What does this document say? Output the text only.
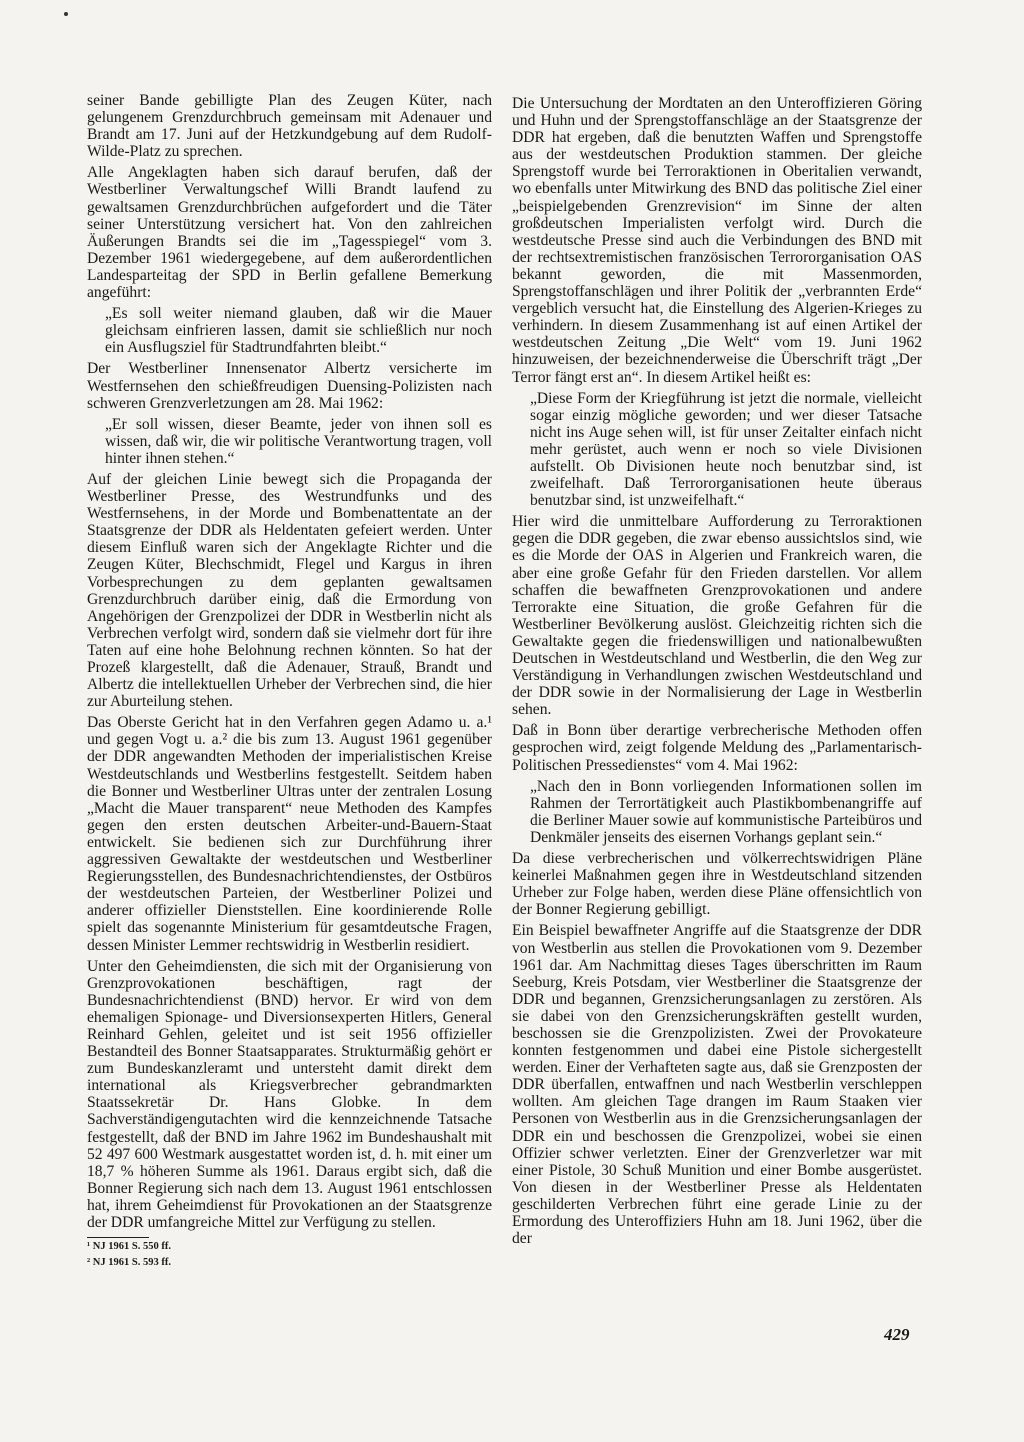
seiner Bande gebilligte Plan des Zeugen Küter, nach gelungenem Grenzdurchbruch gemeinsam mit Adenauer und Brandt am 17. Juni auf der Hetzkundgebung auf dem Rudolf-Wilde-Platz zu sprechen.

Alle Angeklagten haben sich darauf berufen, daß der Westberliner Verwaltungschef Willi Brandt laufend zu gewaltsamen Grenzdurchbrüchen aufgefordert und die Täter seiner Unterstützung versichert hat. Von den zahlreichen Äußerungen Brandts sei die im „Tagesspiegel“ vom 3. Dezember 1961 wiedergegebene, auf dem außerordentlichen Landesparteitag der SPD in Berlin gefallene Bemerkung angeführt:

„Es soll weiter niemand glauben, daß wir die Mauer gleichsam einfrieren lassen, damit sie schließlich nur noch ein Ausflugsziel für Stadtrundfahrten bleibt.“

Der Westberliner Innensenator Albertz versicherte im Westfernsehen den schießfreudigen Duensing-Polizisten nach schweren Grenzverletzungen am 28. Mai 1962:

„Er soll wissen, dieser Beamte, jeder von ihnen soll es wissen, daß wir, die wir politische Verantwortung tragen, voll hinter ihnen stehen.“

Auf der gleichen Linie bewegt sich die Propaganda der Westberliner Presse, des Westrundfunks und des Westfernsehens, in der Morde und Bombenattentate an der Staatsgrenze der DDR als Heldentaten gefeiert werden. Unter diesem Einfluß waren sich der Angeklagte Richter und die Zeugen Küter, Blechschmidt, Flegel und Kargus in ihren Vorbesprechungen zu dem geplanten gewaltsamen Grenzdurchbruch darüber einig, daß die Ermordung von Angehörigen der Grenzpolizei der DDR in Westberlin nicht als Verbrechen verfolgt wird, sondern daß sie vielmehr dort für ihre Taten auf eine hohe Belohnung rechnen könnten. So hat der Prozeß klargestellt, daß die Adenauer, Strauß, Brandt und Albertz die intellektuellen Urheber der Verbrechen sind, die hier zur Aburteilung stehen.

Das Oberste Gericht hat in den Verfahren gegen Adamo u. a.¹ und gegen Vogt u. a.² die bis zum 13. August 1961 gegenüber der DDR angewandten Methoden der imperialistischen Kreise Westdeutschlands und Westberlins festgestellt. Seitdem haben die Bonner und Westberliner Ultras unter der zentralen Losung „Macht die Mauer transparent“ neue Methoden des Kampfes gegen den ersten deutschen Arbeiter-und-Bauern-Staat entwickelt. Sie bedienen sich zur Durchführung ihrer aggressiven Gewaltakte der westdeutschen und Westberliner Regierungsstellen, des Bundesnachrichtendienstes, der Ostbüros der westdeutschen Parteien, der Westberliner Polizei und anderer offizieller Dienststellen. Eine koordinierende Rolle spielt das sogenannte Ministerium für gesamtdeutsche Fragen, dessen Minister Lemmer rechtswidrig in Westberlin residiert.

Unter den Geheimdiensten, die sich mit der Organisierung von Grenzprovokationen beschäftigen, ragt der Bundesnachrichtendienst (BND) hervor. Er wird von dem ehemaligen Spionage- und Diversionsexperten Hitlers, General Reinhard Gehlen, geleitet und ist seit 1956 offizieller Bestandteil des Bonner Staatsapparates. Strukturmäßig gehört er zum Bundeskanzleramt und untersteht damit direkt dem international als Kriegsverbrecher gebrandmarkten Staatssekretär Dr. Hans Globke. In dem Sachverständigengutachten wird die kennzeichnende Tatsache festgestellt, daß der BND im Jahre 1962 im Bundeshaushalt mit 52 497 600 Westmark ausgestattet worden ist, d. h. mit einer um 18,7 % höheren Summe als 1961. Daraus ergibt sich, daß die Bonner Regierung sich nach dem 13. August 1961 entschlossen hat, ihrem Geheimdienst für Provokationen an der Staatsgrenze der DDR umfangreiche Mittel zur Verfügung zu stellen.

¹ NJ 1961 S. 550 ff.

² NJ 1961 S. 593 ff.

Die Untersuchung der Mordtaten an den Unteroffizieren Göring und Huhn und der Sprengstoffanschläge an der Staatsgrenze der DDR hat ergeben, daß die benutzten Waffen und Sprengstoffe aus der westdeutschen Produktion stammen. Der gleiche Sprengstoff wurde bei Terroraktionen in Oberitalien verwandt, wo ebenfalls unter Mitwirkung des BND das politische Ziel einer „beispielgebenden Grenzrevision“ im Sinne der alten großdeutschen Imperialisten verfolgt wird. Durch die westdeutsche Presse sind auch die Verbindungen des BND mit der rechtsextremistischen französischen Terrororganisation OAS bekannt geworden, die mit Massenmorden, Sprengstoffanschlägen und ihrer Politik der „verbrannten Erde“ vergeblich versucht hat, die Einstellung des Algerien-Krieges zu verhindern. In diesem Zusammenhang ist auf einen Artikel der westdeutschen Zeitung „Die Welt“ vom 19. Juni 1962 hinzuweisen, der bezeichnenderweise die Überschrift trägt „Der Terror fängt erst an“. In diesem Artikel heißt es:

„Diese Form der Kriegführung ist jetzt die normale, vielleicht sogar einzig mögliche geworden; und wer dieser Tatsache nicht ins Auge sehen will, ist für unser Zeitalter einfach nicht mehr gerüstet, auch wenn er noch so viele Divisionen aufstellt. Ob Divisionen heute noch benutzbar sind, ist zweifelhaft. Daß Terrororganisationen heute überaus benutzbar sind, ist unzweifelhaft.“

Hier wird die unmittelbare Aufforderung zu Terroraktionen gegen die DDR gegeben, die zwar ebenso aussichtslos sind, wie es die Morde der OAS in Algerien und Frankreich waren, die aber eine große Gefahr für den Frieden darstellen. Vor allem schaffen die bewaffneten Grenzprovokationen und andere Terrorakte eine Situation, die große Gefahren für die Westberliner Bevölkerung auslöst. Gleichzeitig richten sich die Gewaltakte gegen die friedenswilligen und nationalbewußten Deutschen in Westdeutschland und Westberlin, die den Weg zur Verständigung in Verhandlungen zwischen Westdeutschland und der DDR sowie in der Normalisierung der Lage in Westberlin sehen.

Daß in Bonn über derartige verbrecherische Methoden offen gesprochen wird, zeigt folgende Meldung des „Parlamentarisch-Politischen Pressedienstes“ vom 4. Mai 1962:

„Nach den in Bonn vorliegenden Informationen sollen im Rahmen der Terrortätigkeit auch Plastikbombenangriffe auf die Berliner Mauer sowie auf kommunistische Parteibüros und Denkmäler jenseits des eisernen Vorhangs geplant sein.“

Da diese verbrecherischen und völkerrechtswidrigen Pläne keinerlei Maßnahmen gegen ihre in Westdeutschland sitzenden Urheber zur Folge haben, werden diese Pläne offensichtlich von der Bonner Regierung gebilligt.

Ein Beispiel bewaffneter Angriffe auf die Staatsgrenze der DDR von Westberlin aus stellen die Provokationen vom 9. Dezember 1961 dar. Am Nachmittag dieses Tages überschritten im Raum Seeburg, Kreis Potsdam, vier Westberliner die Staatsgrenze der DDR und begannen, Grenzsicherungsanlagen zu zerstören. Als sie dabei von den Grenzsicherungskräften gestellt wurden, beschossen sie die Grenzpolizisten. Zwei der Provokateure konnten festgenommen und dabei eine Pistole sichergestellt werden. Einer der Verhafteten sagte aus, daß sie Grenzposten der DDR überfallen, entwaffnen und nach Westberlin verschleppen wollten. Am gleichen Tage drangen im Raum Staaken vier Personen von Westberlin aus in die Grenzsicherungsanlagen der DDR ein und beschossen die Grenzpolizei, wobei sie einen Offizier schwer verletzten. Einer der Grenzverletzer war mit einer Pistole, 30 Schuß Munition und einer Bombe ausgerüstet. Von diesen in der Westberliner Presse als Heldentaten geschilderten Verbrechen führt eine gerade Linie zu der Ermordung des Unteroffiziers Huhn am 18. Juni 1962, über die der

429
